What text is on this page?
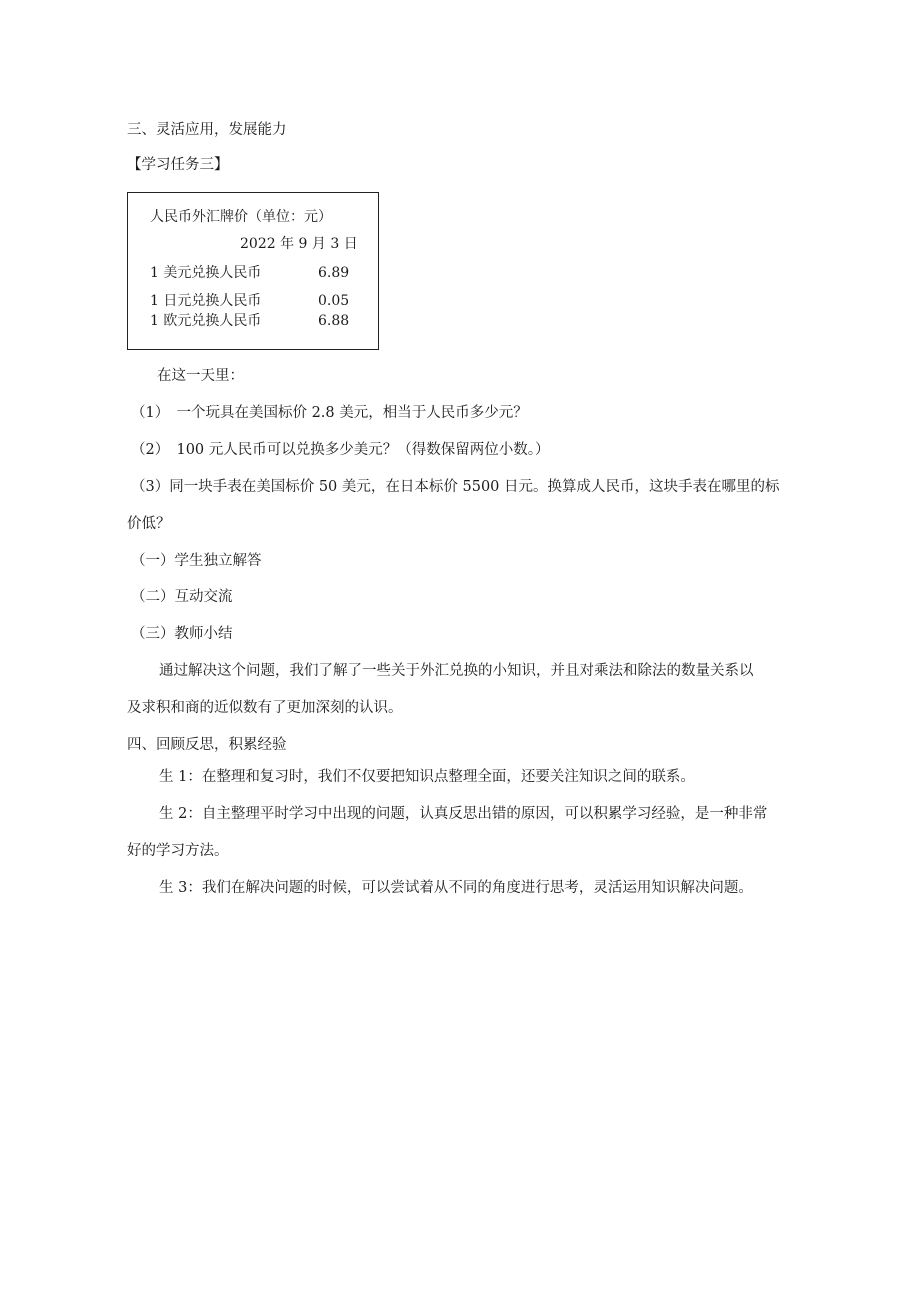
三、灵活应用，发展能力
【学习任务三】
人民币外汇牌价（单位：元）
2022 年 9 月 3 日
1 美元兑换人民币	6.89
1 日元兑换人民币	0.05
1 欧元兑换人民币	6.88
在这一天里：
（1）　一个玩具在美国标价 2.8 美元，相当于人民币多少元？
（2）　100 元人民币可以兑换多少美元？（得数保留两位小数。）
（3）同一块手表在美国标价 50 美元，在日本标价 5500 日元。换算成人民币，这块手表在哪里的标
价低？
（一）学生独立解答
（二）互动交流
（三）教师小结
通过解决这个问题，我们了解了一些关于外汇兑换的小知识，并且对乘法和除法的数量关系以
及求积和商的近似数有了更加深刻的认识。
四、回顾反思，积累经验
生 1：在整理和复习时，我们不仅要把知识点整理全面，还要关注知识之间的联系。
生 2：自主整理平时学习中出现的问题，认真反思出错的原因，可以积累学习经验，是一种非常
好的学习方法。
生 3：我们在解决问题的时候，可以尝试着从不同的角度进行思考，灵活运用知识解决问题。
